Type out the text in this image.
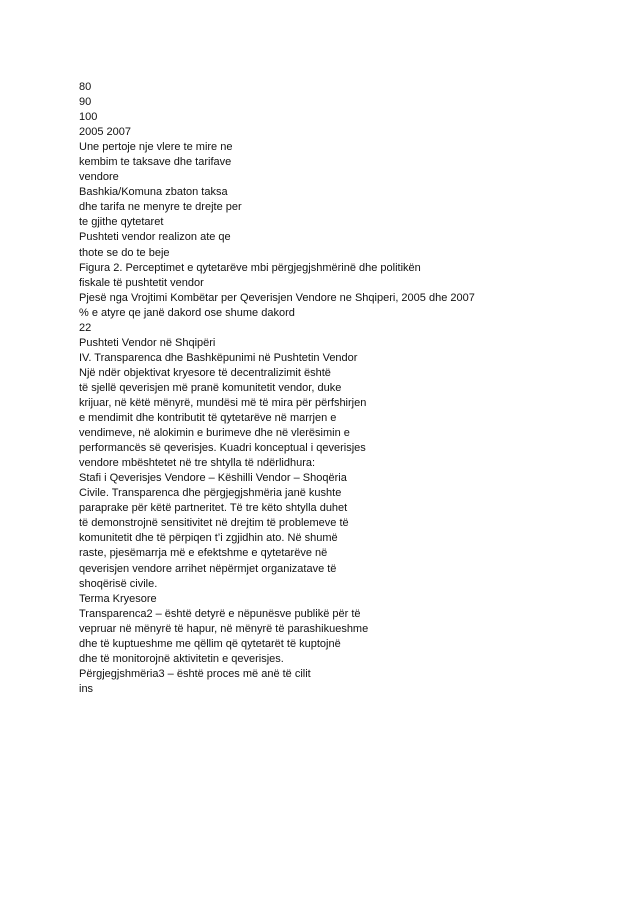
80
90
100
2005 2007
Une pertoje nje vlere te mire ne
kembim te taksave dhe tarifave
vendore
Bashkia/Komuna zbaton taksa
dhe tarifa ne menyre te drejte per
te gjithe qytetaret
Pushteti vendor realizon ate qe
thote se do te beje
Figura 2. Perceptimet e qytetarëve mbi përgjegjshmërinë dhe politikën
fiskale të pushtetit vendor
Pjesë nga Vrojtimi Kombëtar per Qeverisjen Vendore ne Shqiperi, 2005 dhe 2007
% e atyre qe janë dakord ose shume dakord
22
Pushteti Vendor në Shqipëri
IV. Transparenca dhe Bashkëpunimi në Pushtetin Vendor
Një ndër objektivat kryesore të decentralizimit është
të sjellë qeverisjen më pranë komunitetit vendor, duke
krijuar, në këtë mënyrë, mundësi më të mira për përfshirjen
e mendimit dhe kontributit të qytetarëve në marrjen e
vendimeve, në alokimin e burimeve dhe në vlerësimin e
performancës së qeverisjes. Kuadri konceptual i qeverisjes
vendore mbështetet në tre shtylla të ndërlidhura:
Stafi i Qeverisjes Vendore – Këshilli Vendor – Shoqëria
Civile. Transparenca dhe përgjegjshmëria janë kushte
paraprake për këtë partneritet. Të tre këto shtylla duhet
të demonstrojnë sensitivitet në drejtim të problemeve të
komunitetit dhe të përpiqen t’i zgjidhin ato. Në shumë
raste, pjesëmarrja më e efektshme e qytetarëve në
qeverisjen vendore arrihet nëpërmjet organizatave të
shoqërisë civile.
Terma Kryesore
Transparenca2 – është detyrë e nëpunësve publikë për të
vepruar në mënyrë të hapur, në mënyrë të parashikueshme
dhe të kuptueshme me qëllim që qytetarët të kuptojnë
dhe të monitorojnë aktivitetin e qeverisjes.
Përgjegjshmëria3 – është proces më anë të cilit
ins
